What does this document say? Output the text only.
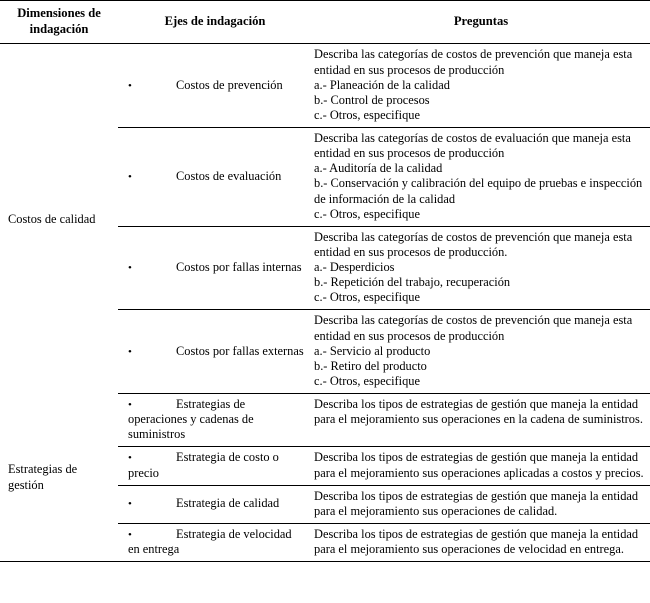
Dimensiones de indagación	Ejes de indagación	Preguntas
Costos de calidad	• Costos de prevención	Describa las categorías de costos de prevención que maneja esta entidad en sus procesos de producción
a.- Planeación de la calidad
b.- Control de procesos
c.- Otros, especifique

	• Costos de evaluación	Describa las categorías de costos de evaluación que maneja esta entidad en sus procesos de producción
a.- Auditoría de la calidad
b.- Conservación y calibración del equipo de pruebas e inspección de información de la calidad
c.- Otros, especifique

	• Costos por fallas internas	Describa las categorías de costos de prevención que maneja esta entidad en sus procesos de producción.
a.- Desperdicios
b.- Repetición del trabajo, recuperación
c.- Otros, especifique

	• Costos por fallas externas	Describa las categorías de costos de prevención que maneja esta entidad en sus procesos de producción
a.- Servicio al producto
b.- Retiro del producto
c.- Otros, especifique

Estrategias de gestión	• Estrategias de operaciones y cadenas de suministros	Describa los tipos de estrategias de gestión que maneja la entidad para el mejoramiento sus operaciones en la cadena de suministros.

	• Estrategia de costo o precio	Describa los tipos de estrategias de gestión que maneja la entidad para el mejoramiento sus operaciones aplicadas a costos y precios.

	• Estrategia de calidad	Describa los tipos de estrategias de gestión que maneja la entidad para el mejoramiento sus operaciones de calidad.

	• Estrategia de velocidad en entrega	Describa los tipos de estrategias de gestión que maneja la entidad para el mejoramiento sus operaciones de velocidad en entrega.
